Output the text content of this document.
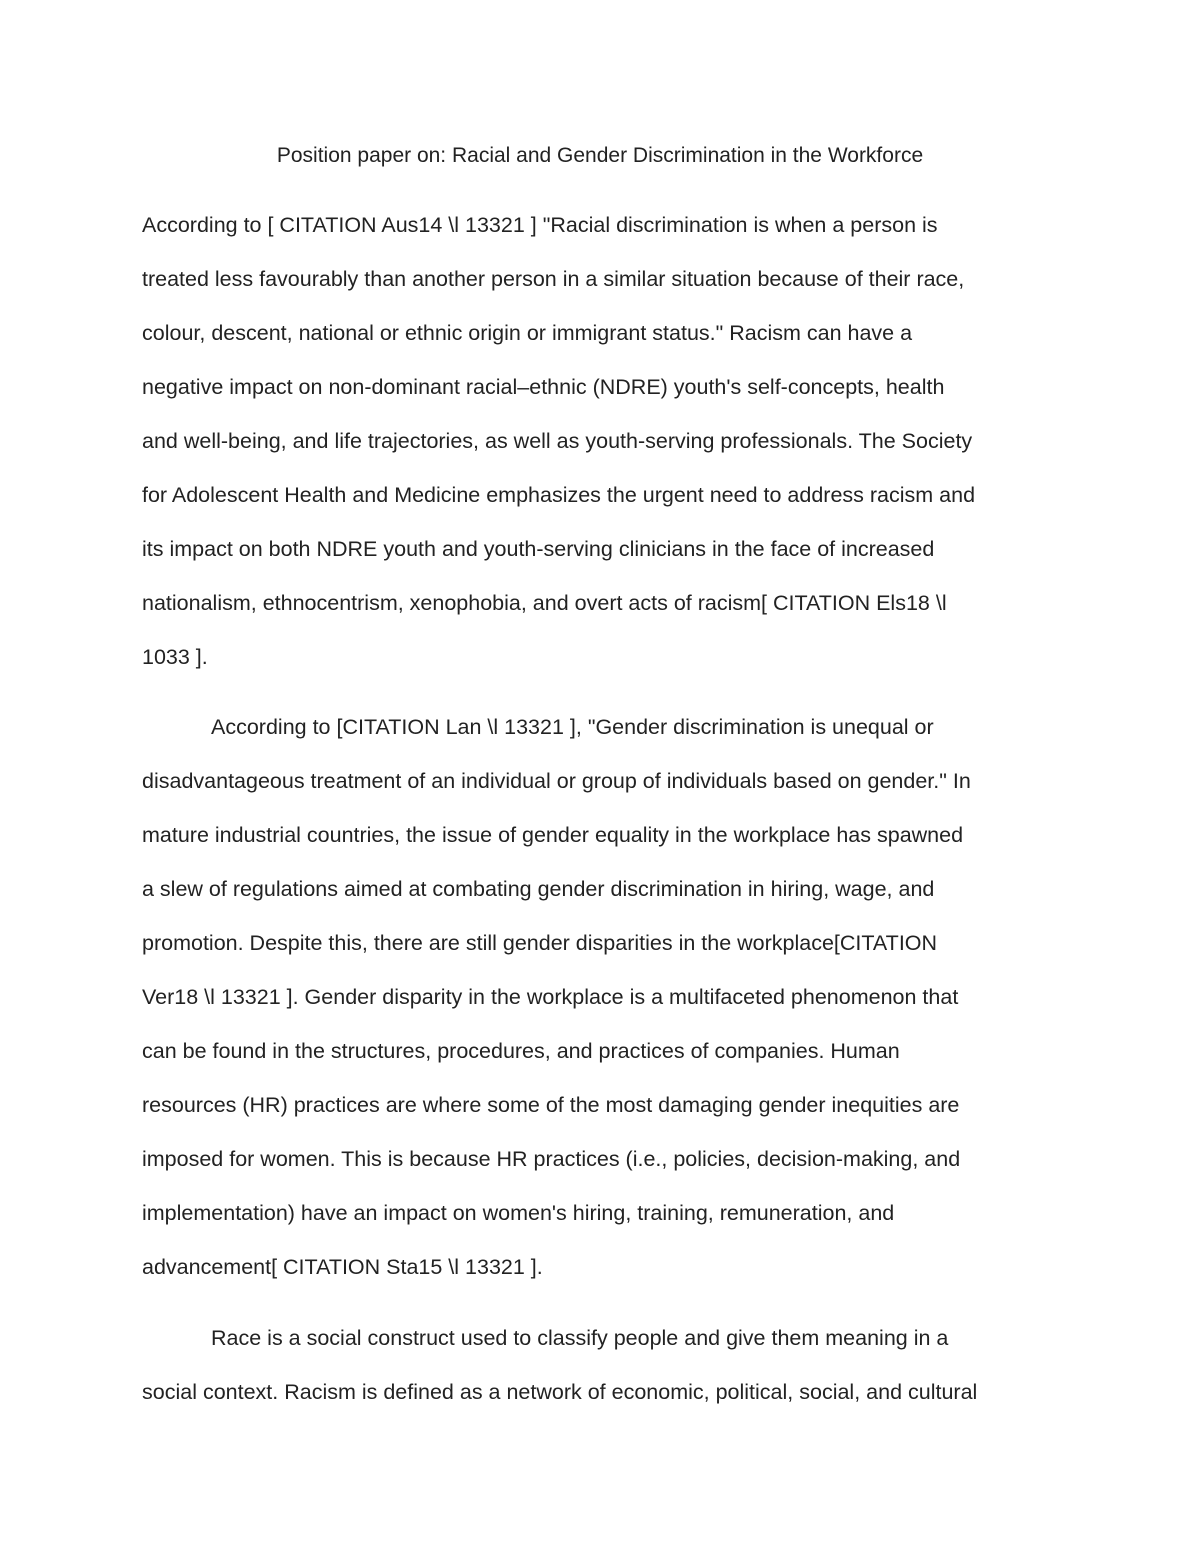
Position paper on: Racial and Gender Discrimination in the Workforce
According to [ CITATION Aus14 \l 13321 ] "Racial discrimination is when a person is
treated less favourably than another person in a similar situation because of their race,
colour, descent, national or ethnic origin or immigrant status." Racism can have a
negative impact on non-dominant racial–ethnic (NDRE) youth's self-concepts, health
and well-being, and life trajectories, as well as youth-serving professionals. The Society
for Adolescent Health and Medicine emphasizes the urgent need to address racism and
its impact on both NDRE youth and youth-serving clinicians in the face of increased
nationalism, ethnocentrism, xenophobia, and overt acts of racism[ CITATION Els18 \l
1033 ].
According to [CITATION Lan \l 13321 ], "Gender discrimination is unequal or
disadvantageous treatment of an individual or group of individuals based on gender." In
mature industrial countries, the issue of gender equality in the workplace has spawned
a slew of regulations aimed at combating gender discrimination in hiring, wage, and
promotion. Despite this, there are still gender disparities in the workplace[CITATION
Ver18 \l 13321 ]. Gender disparity in the workplace is a multifaceted phenomenon that
can be found in the structures, procedures, and practices of companies. Human
resources (HR) practices are where some of the most damaging gender inequities are
imposed for women. This is because HR practices (i.e., policies, decision-making, and
implementation) have an impact on women's hiring, training, remuneration, and
advancement[ CITATION Sta15 \l 13321 ].
Race is a social construct used to classify people and give them meaning in a
social context. Racism is defined as a network of economic, political, social, and cultural
